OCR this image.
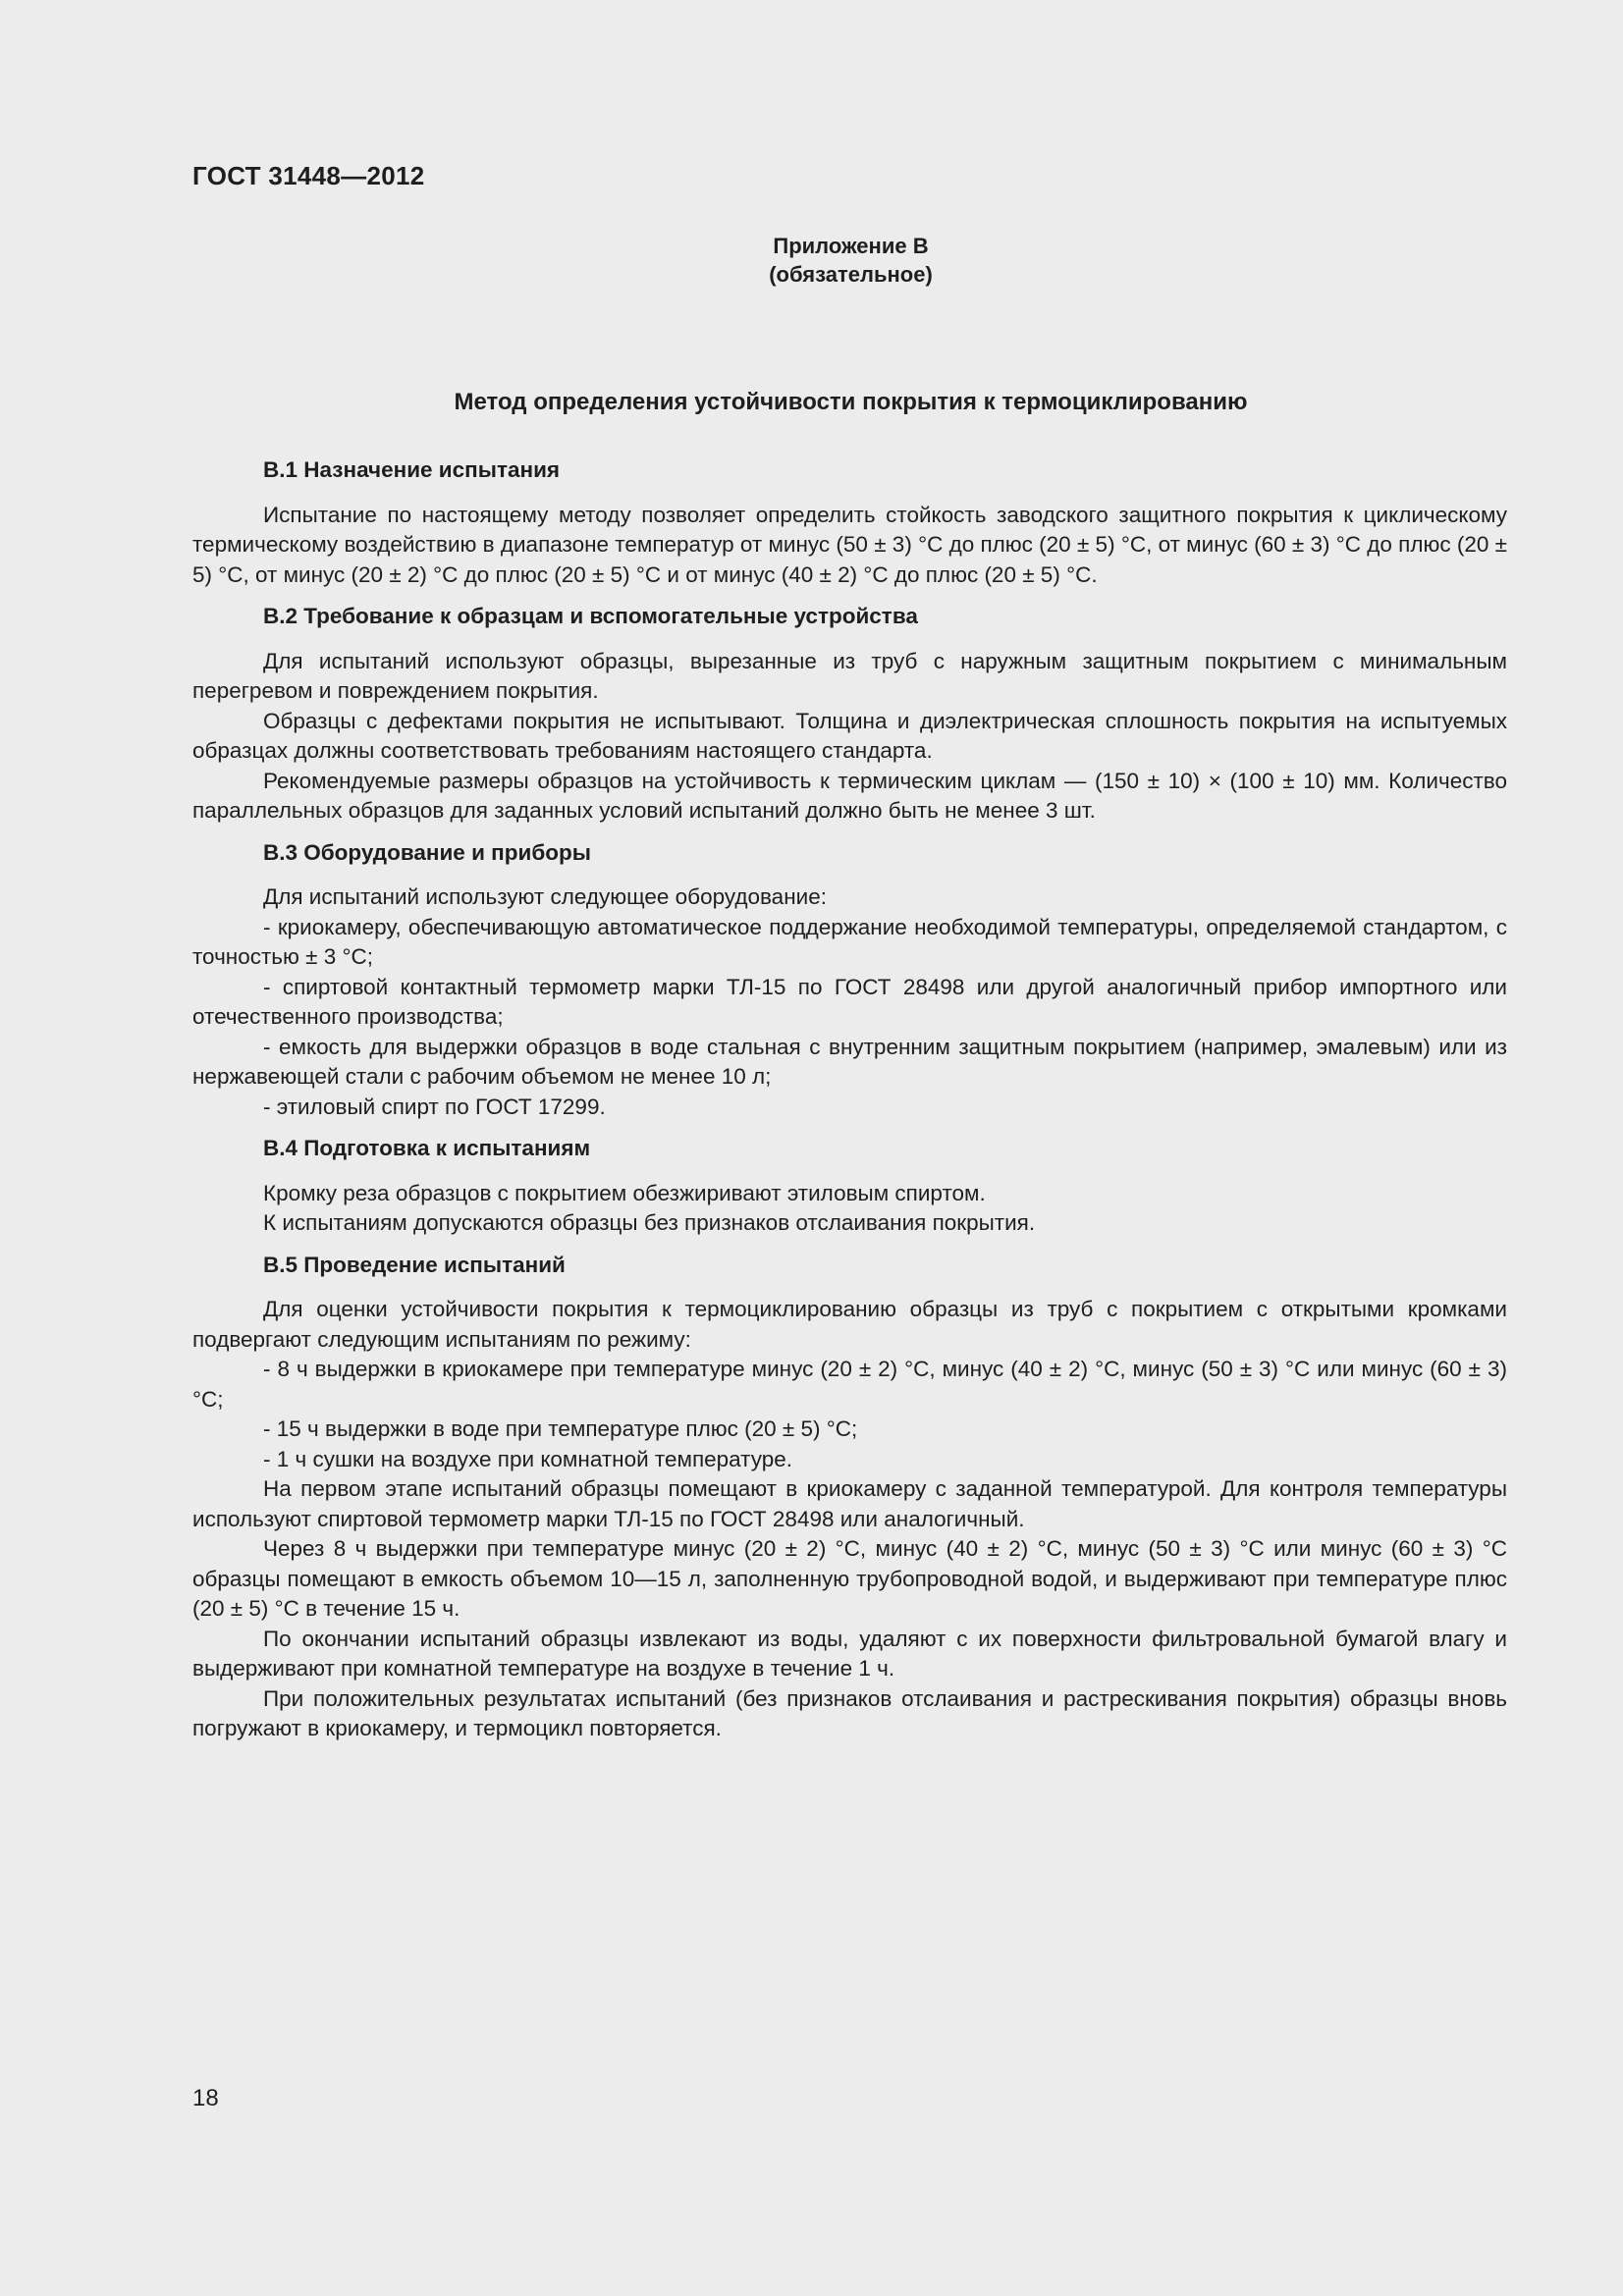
ГОСТ 31448—2012
Приложение В
(обязательное)
Метод определения устойчивости покрытия к термоциклированию
В.1 Назначение испытания

Испытание по настоящему методу позволяет определить стойкость заводского защитного покрытия к циклическому термическому воздействию в диапазоне температур от минус (50 ± 3) °С до плюс (20 ± 5) °С, от минус (60 ± 3) °С до плюс (20 ± 5) °С, от минус (20 ± 2) °С до плюс (20 ± 5) °С и от минус (40 ± 2) °С до плюс (20 ± 5) °С.

В.2 Требование к образцам и вспомогательные устройства

Для испытаний используют образцы, вырезанные из труб с наружным защитным покрытием с минимальным перегревом и повреждением покрытия.

Образцы с дефектами покрытия не испытывают. Толщина и диэлектрическая сплошность покрытия на испытуемых образцах должны соответствовать требованиям настоящего стандарта.

Рекомендуемые размеры образцов на устойчивость к термическим циклам — (150 ± 10) × (100 ± 10) мм. Количество параллельных образцов для заданных условий испытаний должно быть не менее 3 шт.

В.3 Оборудование и приборы

Для испытаний используют следующее оборудование:

- криокамеру, обеспечивающую автоматическое поддержание необходимой температуры, определяемой стандартом, с точностью ± 3 °С;

- спиртовой контактный термометр марки ТЛ-15 по ГОСТ 28498 или другой аналогичный прибор импортного или отечественного производства;

- емкость для выдержки образцов в воде стальная с внутренним защитным покрытием (например, эмалевым) или из нержавеющей стали с рабочим объемом не менее 10 л;

- этиловый спирт по ГОСТ 17299.

В.4 Подготовка к испытаниям

Кромку реза образцов с покрытием обезжиривают этиловым спиртом.

К испытаниям допускаются образцы без признаков отслаивания покрытия.

В.5 Проведение испытаний

Для оценки устойчивости покрытия к термоциклированию образцы из труб с покрытием с открытыми кромками подвергают следующим испытаниям по режиму:

- 8 ч выдержки в криокамере при температуре минус (20 ± 2) °С, минус (40 ± 2) °С, минус (50 ± 3) °С или минус (60 ± 3) °С;

- 15 ч выдержки в воде при температуре плюс (20 ± 5) °С;

- 1 ч сушки на воздухе при комнатной температуре.

На первом этапе испытаний образцы помещают в криокамеру с заданной температурой. Для контроля температуры используют спиртовой термометр марки ТЛ-15 по ГОСТ 28498 или аналогичный.

Через 8 ч выдержки при температуре минус (20 ± 2) °С, минус (40 ± 2) °С, минус (50 ± 3) °С или минус (60 ± 3) °С образцы помещают в емкость объемом 10—15 л, заполненную трубопроводной водой, и выдерживают при температуре плюс (20 ± 5) °С в течение 15 ч.

По окончании испытаний образцы извлекают из воды, удаляют с их поверхности фильтровальной бумагой влагу и выдерживают при комнатной температуре на воздухе в течение 1 ч.

При положительных результатах испытаний (без признаков отслаивания и растрескивания покрытия) образцы вновь погружают в криокамеру, и термоцикл повторяется.

18
